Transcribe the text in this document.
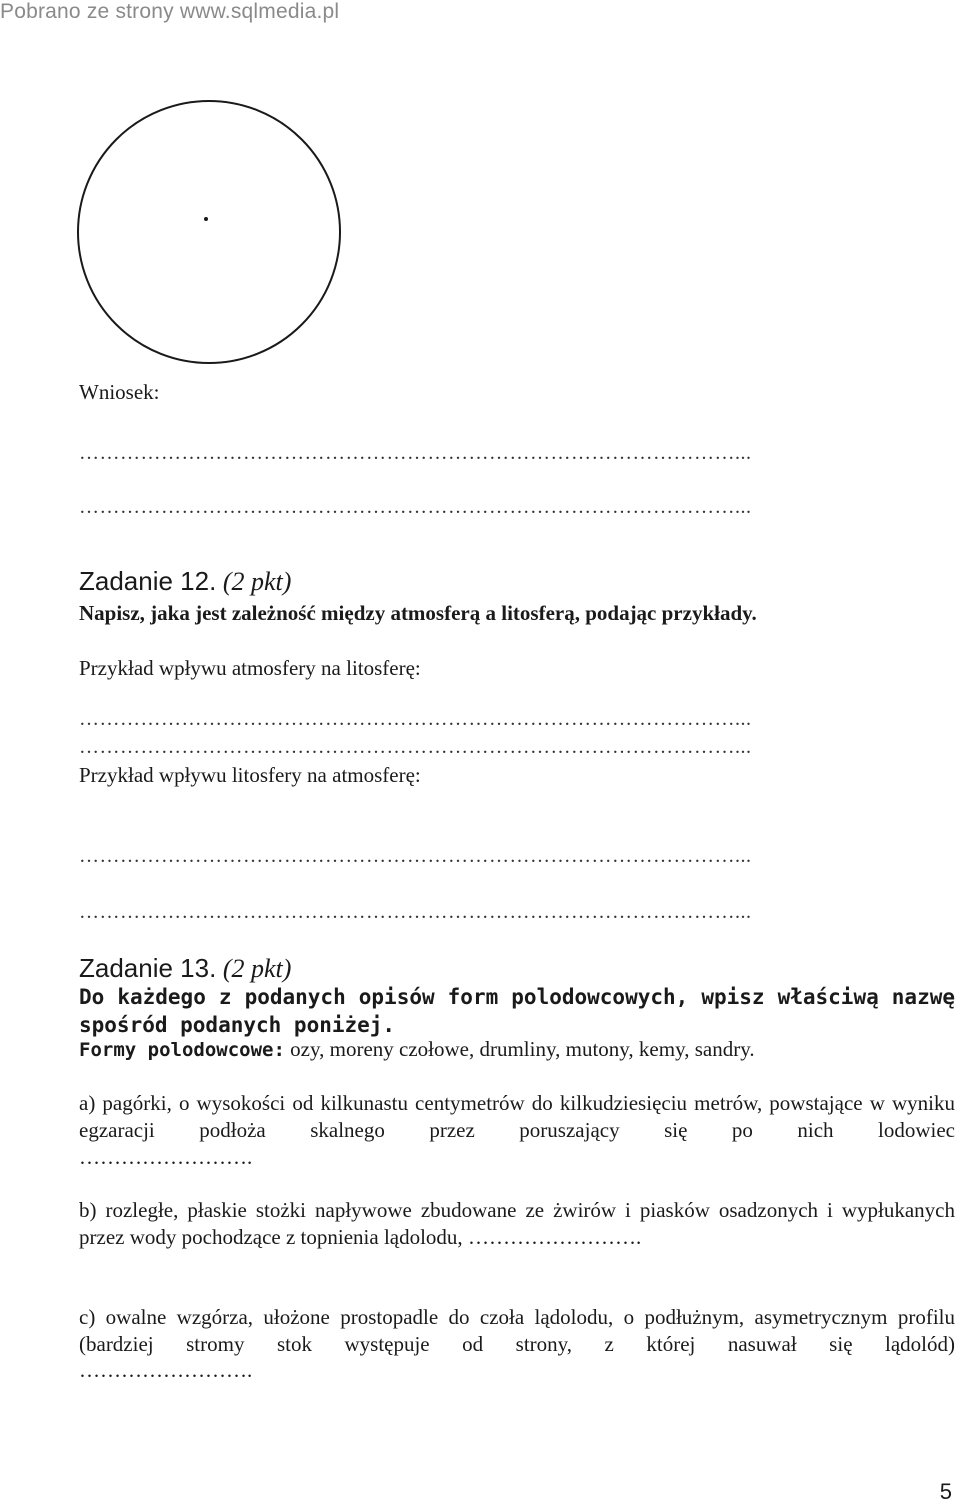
Pobrano ze strony www.sqlmedia.pl
Wniosek:
……………………………………………………………………………………...
……………………………………………………………………………………...
Zadanie 12. (2 pkt)
Napisz, jaka jest zależność między atmosferą a litosferą, podając przykłady.
Przykład wpływu atmosfery na litosferę:
……………………………………………………………………………………...
……………………………………………………………………………………...
Przykład wpływu litosfery na atmosferę:
……………………………………………………………………………………...
……………………………………………………………………………………...
Zadanie 13. (2 pkt)
Do każdego z podanych opisów form polodowcowych, wpisz właściwą nazwę spośród podanych poniżej.
Formy polodowcowe: ozy, moreny czołowe, drumliny, mutony, kemy, sandry.
a) pagórki, o wysokości od kilkunastu centymetrów do kilkudziesięciu metrów, powstające w wyniku egzaracji podłoża skalnego przez poruszający się po nich lodowiec
…………………….
b) rozległe, płaskie stożki napływowe zbudowane ze żwirów i piasków osadzonych i wypłukanych przez wody pochodzące z topnienia lądolodu, …………………….
c) owalne wzgórza, ułożone prostopadle do czoła lądolodu, o podłużnym, asymetrycznym profilu (bardziej stromy stok występuje od strony, z której nasuwał się lądolód)
…………………….
5
